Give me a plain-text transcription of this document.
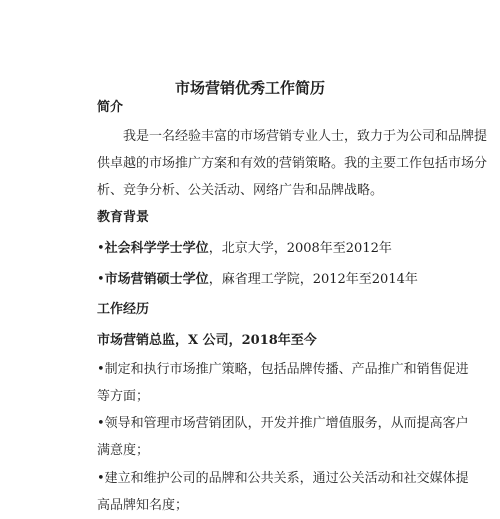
市场营销优秀工作简历
简介
我是一名经验丰富的市场营销专业人士，致力于为公司和品牌提
供卓越的市场推广方案和有效的营销策略。我的主要工作包括市场分
析、竞争分析、公关活动、网络广告和品牌战略。
教育背景
•社会科学学士学位，北京大学，2008年至2012年
•市场营销硕士学位，麻省理工学院，2012年至2014年
工作经历
市场营销总监，X 公司，2018年至今
•制定和执行市场推广策略，包括品牌传播、产品推广和销售促进
等方面；
•领导和管理市场营销团队，开发并推广增值服务，从而提高客户
满意度；
•建立和维护公司的品牌和公共关系，通过公关活动和社交媒体提
高品牌知名度；
